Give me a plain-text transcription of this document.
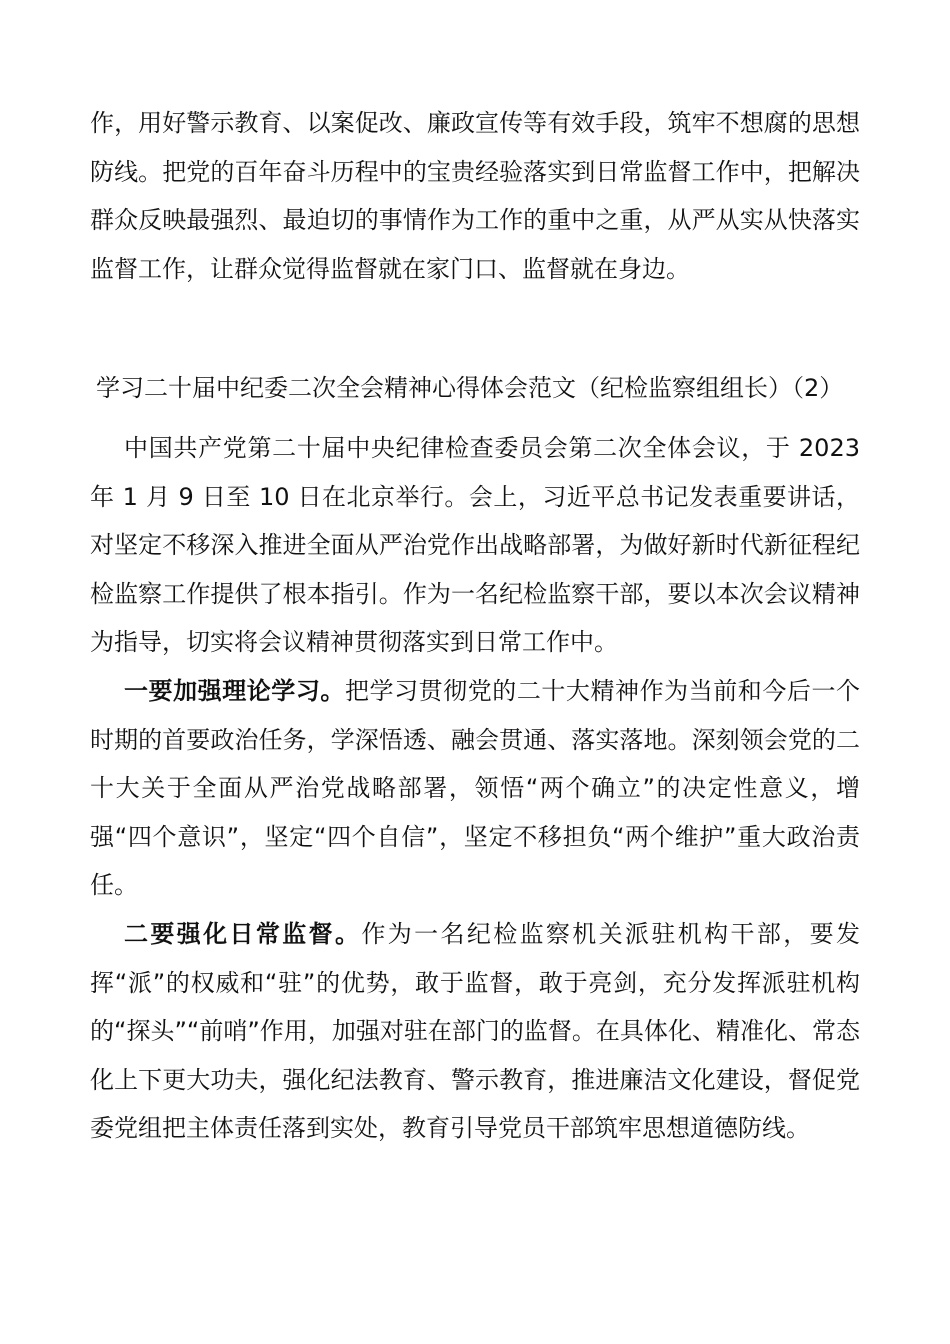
作，用好警示教育、以案促改、廉政宣传等有效手段，筑牢不想腐的思想防线。把党的百年奋斗历程中的宝贵经验落实到日常监督工作中，把解决群众反映最强烈、最迫切的事情作为工作的重中之重，从严从实从快落实监督工作，让群众觉得监督就在家门口、监督就在身边。

学习二十届中纪委二次全会精神心得体会范文（纪检监察组组长）（2）

中国共产党第二十届中央纪律检查委员会第二次全体会议，于 2023 年 1 月 9 日至 10 日在北京举行。会上，习近平总书记发表重要讲话，对坚定不移深入推进全面从严治党作出战略部署，为做好新时代新征程纪检监察工作提供了根本指引。作为一名纪检监察干部，要以本次会议精神为指导，切实将会议精神贯彻落实到日常工作中。

一要加强理论学习。把学习贯彻党的二十大精神作为当前和今后一个时期的首要政治任务，学深悟透、融会贯通、落实落地。深刻领会党的二十大关于全面从严治党战略部署，领悟“两个确立”的决定性意义，增强“四个意识”，坚定“四个自信”，坚定不移担负“两个维护”重大政治责任。

二要强化日常监督。作为一名纪检监察机关派驻机构干部，要发挥“派”的权威和“驻”的优势，敢于监督，敢于亮剑，充分发挥派驻机构的“探头”“前哨”作用，加强对驻在部门的监督。在具体化、精准化、常态化上下更大功夫，强化纪法教育、警示教育，推进廉洁文化建设，督促党委党组把主体责任落到实处，教育引导党员干部筑牢思想道德防线。
